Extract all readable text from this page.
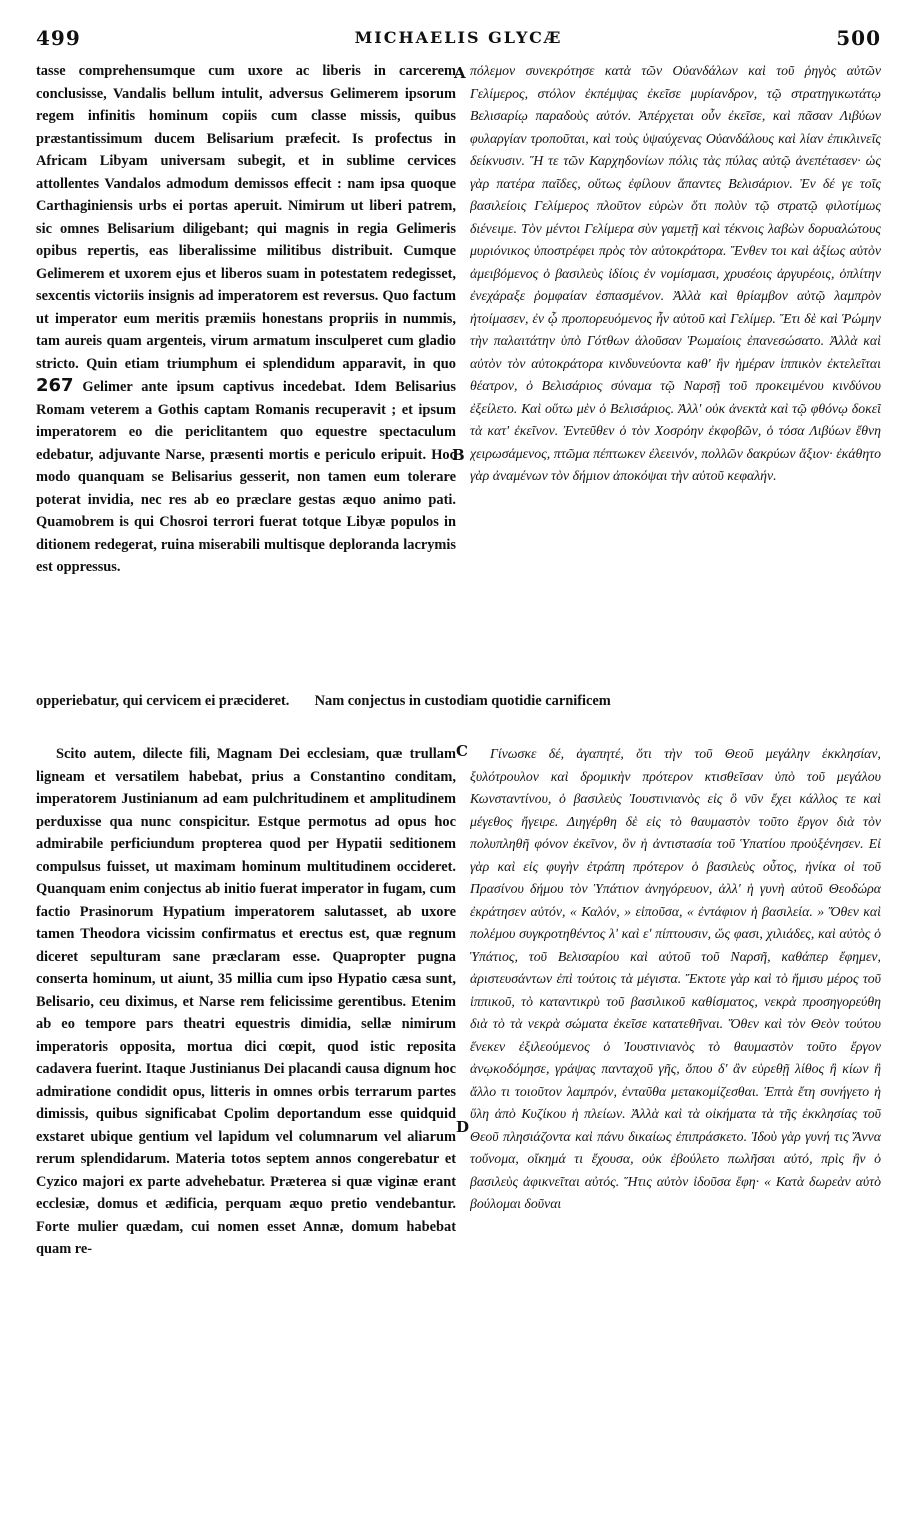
499	MICHAELIS GLYCÆ	500

tasse comprehensumque cum uxore ac liberis in carcerem conclusisse, Vandalis bellum intulit, adversus Gelimerem ipsorum regem infinitis hominum copiis cum classe missis, quibus præstantissimum ducem Belisarium præfecit. Is profectus in Africam Libyam universam subegit, et in sublime cervices attollentes Vandalos admodum demissos effecit : nam ipsa quoque Carthaginiensis urbs ei portas aperuit. Nimirum ut liberi patrem, sic omnes Belisarium diligebant; qui magnis in regia Gelimeris opibus repertis, eas liberalissime militibus distribuit. Cumque Gelimerem et uxorem ejus et liberos suam in potestatem redegisset, sexcentis victoriis insignis ad imperatorem est reversus. Quo factum ut imperator eum meritis præmiis honestans propriis in nummis, tam aureis quam argenteis, virum armatum insculperet cum gladio stricto. Quin etiam triumphum ei splendidum apparavit, in quo 267 Gelimer ante ipsum captivus incedebat. Idem Belisarius Romam veterem a Gothis captam Romanis recuperavit ; et ipsum imperatorem eo die periclitantem quo equestre spectaculum edebatur, adjuvante Narse, præsenti mortis e periculo eripuit. Hoc modo quanquam se Belisarius gesserit, non tamen eum tolerare poterat invidia, nec res ab eo præclare gestas æquo animo pati. Quamobrem is qui Chosroi terrori fuerat totque Libyæ populos in ditionem redegerat, ruina miserabili multisque deploranda lacrymis est oppressus.

πόλεμον συνεκρότησε κατὰ τῶν Οὐανδάλων καὶ τοῦ ῥηγὸς αὐτῶν Γελίμερος, στόλον ἐκπέμψας ἐκεῖσε μυρίανδρον, τῷ στρατηγικωτάτῳ Βελισαρίῳ παραδοὺς αὐτόν. Ἀπέρχεται οὖν ἐκεῖσε, καὶ πᾶσαν Λιβύων φυλαργίαν τροποῦται, καὶ τοὺς ὑψαύχενας Οὐανδάλους καὶ λίαν ἐπικλινεῖς δείκνυσιν. Ἥ τε τῶν Καρχηδονίων πόλις τὰς πύλας αὐτῷ ἀνεπέτασεν· ὡς γὰρ πατέρα παῖδες, οὕτως ἐφίλουν ἅπαντες Βελισάριον. Ἐν δέ γε τοῖς βασιλείοις Γελίμερος πλοῦτον εὑρὼν ὅτι πολὺν τῷ στρατῷ φιλοτίμως διένειμε. Τὸν μέντοι Γελίμερα σὺν γαμετῇ καὶ τέκνοις λαβὼν δορυαλώτους μυριόνικος ὑποστρέφει πρὸς τὸν αὐτοκράτορα. Ἔνθεν τοι καὶ ἀξίως αὐτὸν ἀμειβόμενος ὁ βασιλεὺς ἰδίοις ἐν νομίσμασι, χρυσέοις ἀργυρέοις, ὁπλίτην ἐνεχάραξε ῥομφαίαν ἐσπασμένον. Ἀλλὰ καὶ θρίαμβον αὐτῷ λαμπρὸν ἠτοίμασεν, ἐν ᾧ προπορευόμενος ἦν αὐτοῦ καὶ Γελίμερ. Ἔτι δὲ καὶ Ῥώμην τὴν παλαιτάτην ὑπὸ Γότθων ἁλοῦσαν Ῥωμαίοις ἐπανεσώσατο. Ἀλλὰ καὶ αὐτὸν τὸν αὐτοκράτορα κινδυνεύοντα καθ' ἣν ἡμέραν ἱππικὸν ἐκτελεῖται θέατρον, ὁ Βελισάριος σύναμα τῷ Ναρσῇ τοῦ προκειμένου κινδύνου ἐξείλετο. Καὶ οὕτω μὲν ὁ Βελισάριος. Ἀλλ' οὐκ ἀνεκτὰ καὶ τῷ φθόνῳ δοκεῖ τὰ κατ' ἐκεῖνον. Ἐντεῦθεν ὁ τὸν Χοσρόην ἐκφοβῶν, ὁ τόσα Λιβύων ἔθνη χειρωσάμενος, πτῶμα πέπτωκεν ἐλεεινόν, πολλῶν δακρύων ἄξιον· ἐκάθητο γὰρ ἀναμένων τὸν δήμιον ἀποκόψαι τὴν αὐτοῦ κεφαλήν.

opperiebatur, qui cervicem ei præcideret. Nam conjectus in custodiam quotidie carnificem

Scito autem, dilecte fili, Magnam Dei ecclesiam, quæ trullam ligneam et versatilem habebat, prius a Constantino conditam, imperatorem Justinianum ad eam pulchritudinem et amplitudinem perduxisse qua nunc conspicitur. Estque permotus ad opus hoc admirabile perficiundum propterea quod per Hypatii seditionem compulsus fuisset, ut maximam hominum multitudinem occideret. Quanquam enim conjectus ab initio fuerat imperator in fugam, cum factio Prasinorum Hypatium imperatorem salutasset, ab uxore tamen Theodora vicissim confirmatus et erectus est, quæ regnum diceret sepulturam sane præclaram esse. Quapropter pugna conserta hominum, ut aiunt, 35 millia cum ipso Hypatio cæsa sunt, Belisario, ceu diximus, et Narse rem felicissime gerentibus. Etenim ab eo tempore pars theatri equestris dimidia, sellæ nimirum imperatoris opposita, mortua dici cœpit, quod istic reposita cadavera fuerint. Itaque Justinianus Dei placandi causa dignum hoc admiratione condidit opus, litteris in omnes orbis terrarum partes dimissis, quibus significabat Cpolim deportandum esse quidquid exstaret ubique gentium vel lapidum vel columnarum vel aliarum rerum splendidarum. Materia totos septem annos congerebatur et Cyzico majori ex parte advehebatur. Præterea si quæ viginæ erant ecclesiæ, domus et ædificia, perquam æquo pretio vendebantur. Forte mulier quædam, cui nomen esset Annæ, domum habebat quam re-

Γίνωσκε δέ, ἀγαπητέ, ὅτι τὴν τοῦ Θεοῦ μεγάλην ἐκκλησίαν, ξυλότρουλον καὶ δρομικὴν πρότερον κτισθεῖσαν ὑπὸ τοῦ μεγάλου Κωνσταντίνου, ὁ βασιλεὺς Ἰουστινιανὸς εἰς ὃ νῦν ἔχει κάλλος τε καὶ μέγεθος ἤγειρε. Διηγέρθη δὲ εἰς τὸ θαυμαστὸν τοῦτο ἔργον διὰ τὸν πολυπληθῆ φόνον ἐκεῖνον, ὃν ἡ ἀντιστασία τοῦ Ὑπατίου προὐξένησεν. Εἰ γὰρ καὶ εἰς φυγὴν ἐτράπη πρότερον ὁ βασιλεὺς οὗτος, ἡνίκα οἱ τοῦ Πρασίνου δήμου τὸν Ὑπάτιον ἀνηγόρευον, ἀλλ' ἡ γυνὴ αὐτοῦ Θεοδώρα ἐκράτησεν αὐτόν, « Καλόν, » εἰποῦσα, « ἐντάφιον ἡ βασιλεία. » Ὅθεν καὶ πολέμου συγκροτηθέντος λʹ καὶ εʹ πίπτουσιν, ὥς φασι, χιλιάδες, καὶ αὐτὸς ὁ Ὑπάτιος, τοῦ Βελισαρίου καὶ αὐτοῦ τοῦ Ναρσῆ, καθάπερ ἔφημεν, ἀριστευσάντων ἐπὶ τούτοις τὰ μέγιστα. Ἔκτοτε γὰρ καὶ τὸ ἥμισυ μέρος τοῦ ἱππικοῦ, τὸ καταντικρὺ τοῦ βασιλικοῦ καθίσματος, νεκρὰ προσηγορεύθη διὰ τὸ τὰ νεκρὰ σώματα ἐκεῖσε κατατεθῆναι. Ὅθεν καὶ τὸν Θεὸν τούτου ἕνεκεν ἐξιλεούμενος ὁ Ἰουστινιανὸς τὸ θαυμαστὸν τοῦτο ἔργον ἀνῳκοδόμησε, γράψας πανταχοῦ γῆς, ὅπου δ' ἂν εὑρεθῇ λίθος ἢ κίων ἢ ἄλλο τι τοιοῦτον λαμπρόν, ἐνταῦθα μετακομίζεσθαι. Ἑπτὰ ἔτη συνήγετο ἡ ὕλη ἀπὸ Κυζίκου ἡ πλείων. Ἀλλὰ καὶ τὰ οἰκήματα τὰ τῆς ἐκκλησίας τοῦ Θεοῦ πλησιάζοντα καὶ πάνυ δικαίως ἐπιπράσκετο. Ἰδοὺ γὰρ γυνή τις Ἄννα τοὔνομα, οἴκημά τι ἔχουσα, οὐκ ἐβούλετο πωλῆσαι αὐτό, πρὶς ἢν ὁ βασιλεὺς ἀφικνεῖται αὐτός. Ἥτις αὐτὸν ἰδοῦσα ἔφη· « Κατὰ δωρεὰν αὐτὸ βούλομαι δοῦναι

A
B
C
D
